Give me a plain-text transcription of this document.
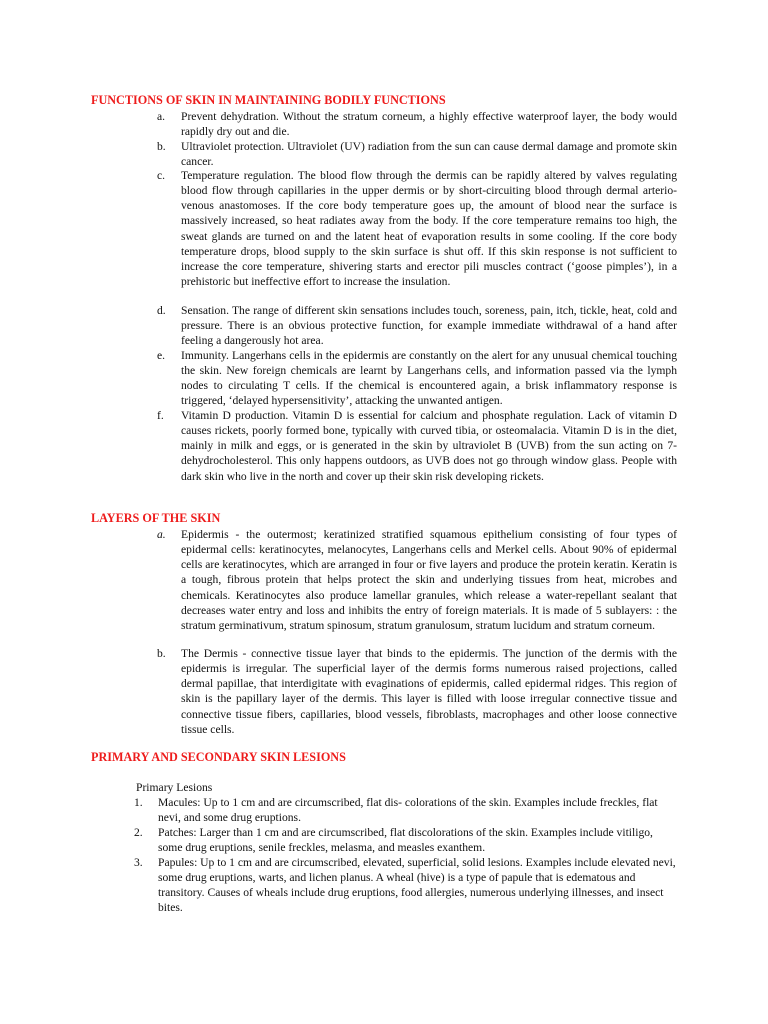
FUNCTIONS OF SKIN IN MAINTAINING BODILY FUNCTIONS
a. Prevent dehydration. Without the stratum corneum, a highly effective waterproof layer, the body would rapidly dry out and die.
b. Ultraviolet protection. Ultraviolet (UV) radiation from the sun can cause dermal damage and promote skin cancer.
c. Temperature regulation. The blood flow through the dermis can be rapidly altered by valves regulating blood flow through capillaries in the upper dermis or by short-circuiting blood through dermal arterio-venous anastomoses. If the core body temperature goes up, the amount of blood near the surface is massively increased, so heat radiates away from the body. If the core temperature remains too high, the sweat glands are turned on and the latent heat of evaporation results in some cooling. If the core body temperature drops, blood supply to the skin surface is shut off. If this skin response is not sufficient to increase the core temperature, shivering starts and erector pili muscles contract (‘goose pimples’), in a prehistoric but ineffective effort to increase the insulation.
d. Sensation. The range of different skin sensations includes touch, soreness, pain, itch, tickle, heat, cold and pressure. There is an obvious protective function, for example immediate withdrawal of a hand after feeling a dangerously hot area.
e. Immunity. Langerhans cells in the epidermis are constantly on the alert for any unusual chemical touching the skin. New foreign chemicals are learnt by Langerhans cells, and information passed via the lymph nodes to circulating T cells. If the chemical is encountered again, a brisk inflammatory response is triggered, ‘delayed hypersensitivity’, attacking the unwanted antigen.
f. Vitamin D production. Vitamin D is essential for calcium and phosphate regulation. Lack of vitamin D causes rickets, poorly formed bone, typically with curved tibia, or osteomalacia. Vitamin D is in the diet, mainly in milk and eggs, or is generated in the skin by ultraviolet B (UVB) from the sun acting on 7-dehydrocholesterol. This only happens outdoors, as UVB does not go through window glass. People with dark skin who live in the north and cover up their skin risk developing rickets.
LAYERS OF THE SKIN
a. Epidermis - the outermost; keratinized stratified squamous epithelium consisting of four types of epidermal cells: keratinocytes, melanocytes, Langerhans cells and Merkel cells. About 90% of epidermal cells are keratinocytes, which are arranged in four or five layers and produce the protein keratin. Keratin is a tough, fibrous protein that helps protect the skin and underlying tissues from heat, microbes and chemicals. Keratinocytes also produce lamellar granules, which release a water-repellant sealant that decreases water entry and loss and inhibits the entry of foreign materials. It is made of 5 sublayers: : the stratum germinativum, stratum spinosum, stratum granulosum, stratum lucidum and stratum corneum.
b. The Dermis - connective tissue layer that binds to the epidermis. The junction of the dermis with the epidermis is irregular. The superficial layer of the dermis forms numerous raised projections, called dermal papillae, that interdigitate with evaginations of epidermis, called epidermal ridges. This region of skin is the papillary layer of the dermis. This layer is filled with loose irregular connective tissue and connective tissue fibers, capillaries, blood vessels, fibroblasts, macrophages and other loose connective tissue cells.
PRIMARY AND SECONDARY SKIN LESIONS
Primary Lesions
1. Macules: Up to 1 cm and are circumscribed, flat dis- colorations of the skin. Examples include freckles, flat nevi, and some drug eruptions.
2. Patches: Larger than 1 cm and are circumscribed, flat discolorations of the skin. Examples include vitiligo, some drug eruptions, senile freckles, melasma, and measles exanthem.
3. Papules: Up to 1 cm and are circumscribed, elevated, superficial, solid lesions. Examples include elevated nevi, some drug eruptions, warts, and lichen planus. A wheal (hive) is a type of papule that is edematous and transitory. Causes of wheals include drug eruptions, food allergies, numerous underlying illnesses, and insect bites.
